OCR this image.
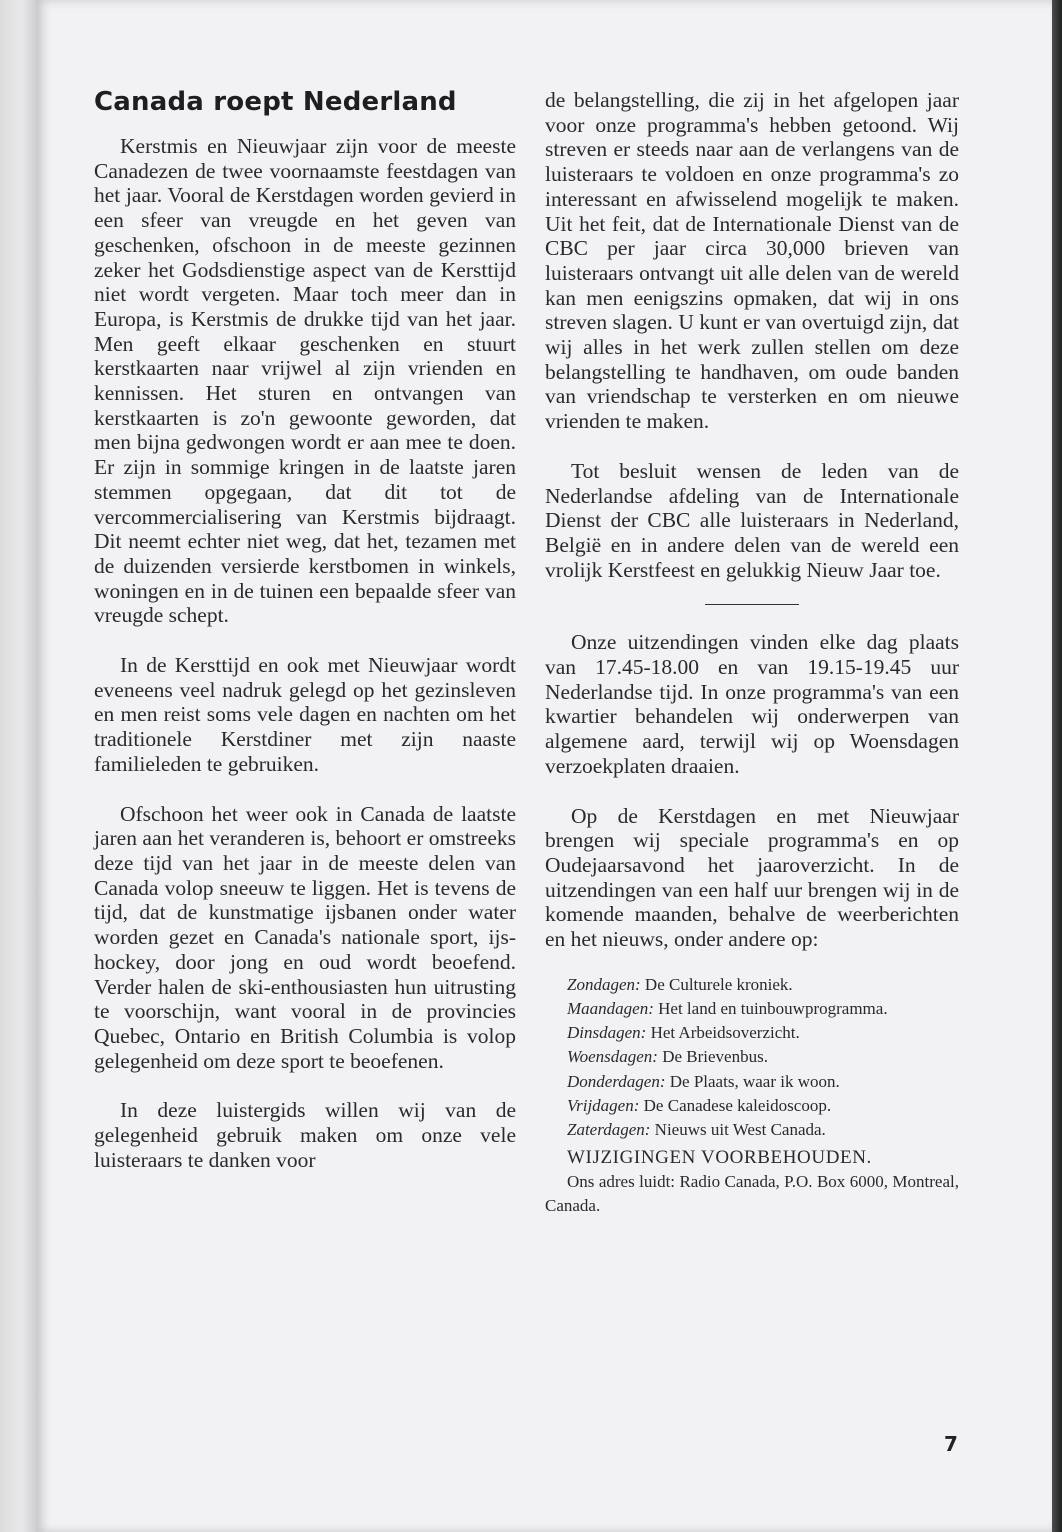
Canada roept Nederland

Kerstmis en Nieuwjaar zijn voor de meeste Canadezen de twee voornaamste feestdagen van het jaar. Vooral de Kerstdagen worden gevierd in een sfeer van vreugde en het geven van geschenken, ofschoon in de meeste gezinnen zeker het Godsdienstige aspect van de Kersttijd niet wordt vergeten. Maar toch meer dan in Europa, is Kerstmis de drukke tijd van het jaar. Men geeft elkaar geschenken en stuurt kerstkaarten naar vrijwel al zijn vrienden en kennissen. Het sturen en ontvangen van kerstkaarten is zo'n gewoonte geworden, dat men bijna gedwongen wordt er aan mee te doen. Er zijn in sommige kringen in de laatste jaren stemmen opgegaan, dat dit tot de vercommercialisering van Kerstmis bijdraagt. Dit neemt echter niet weg, dat het, tezamen met de duizenden versierde kerstbomen in winkels, woningen en in de tuinen een bepaalde sfeer van vreugde schept.

In de Kersttijd en ook met Nieuwjaar wordt eveneens veel nadruk gelegd op het gezinsleven en men reist soms vele dagen en nachten om het traditionele Kerstdiner met zijn naaste familieleden te gebruiken.

Ofschoon het weer ook in Canada de laatste jaren aan het veranderen is, behoort er omstreeks deze tijd van het jaar in de meeste delen van Canada volop sneeuw te liggen. Het is tevens de tijd, dat de kunstmatige ijsbanen onder water worden gezet en Canada's nationale sport, ijs-hockey, door jong en oud wordt beoefend. Verder halen de ski-enthousiasten hun uitrusting te voorschijn, want vooral in de provincies Quebec, Ontario en British Columbia is volop gelegenheid om deze sport te beoefenen.

In deze luistergids willen wij van de gelegenheid gebruik maken om onze vele luisteraars te danken voor

de belangstelling, die zij in het afgelopen jaar voor onze programma's hebben getoond. Wij streven er steeds naar aan de verlangens van de luisteraars te voldoen en onze programma's zo interessant en afwisselend mogelijk te maken. Uit het feit, dat de Internationale Dienst van de CBC per jaar circa 30,000 brieven van luisteraars ontvangt uit alle delen van de wereld kan men eenigszins opmaken, dat wij in ons streven slagen. U kunt er van overtuigd zijn, dat wij alles in het werk zullen stellen om deze belangstelling te handhaven, om oude banden van vriendschap te versterken en om nieuwe vrienden te maken.

Tot besluit wensen de leden van de Nederlandse afdeling van de Internationale Dienst der CBC alle luisteraars in Nederland, België en in andere delen van de wereld een vrolijk Kerstfeest en gelukkig Nieuw Jaar toe.

Onze uitzendingen vinden elke dag plaats van 17.45-18.00 en van 19.15-19.45 uur Nederlandse tijd. In onze programma's van een kwartier behandelen wij onderwerpen van algemene aard, terwijl wij op Woensdagen verzoekplaten draaien.

Op de Kerstdagen en met Nieuwjaar brengen wij speciale programma's en op Oudejaarsavond het jaaroverzicht. In de uitzendingen van een half uur brengen wij in de komende maanden, behalve de weerberichten en het nieuws, onder andere op:

Zondagen: De Culturele kroniek.
Maandagen: Het land en tuinbouwprogramma.
Dinsdagen: Het Arbeidsoverzicht.
Woensdagen: De Brievenbus.
Donderdagen: De Plaats, waar ik woon.
Vrijdagen: De Canadese kaleidoscoop.
Zaterdagen: Nieuws uit West Canada.
WIJZIGINGEN VOORBEHOUDEN.
Ons adres luidt: Radio Canada, P.O. Box 6000, Montreal, Canada.
7
